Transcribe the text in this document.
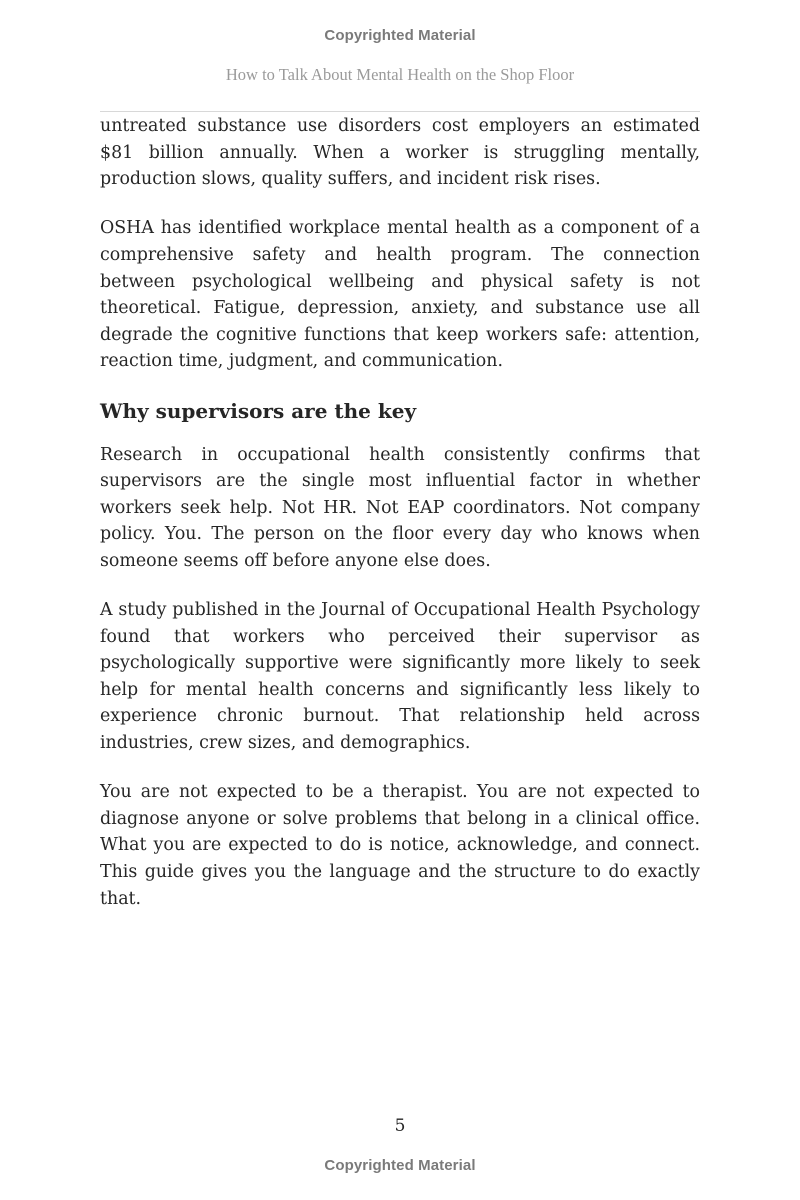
Copyrighted Material
How to Talk About Mental Health on the Shop Floor

untreated substance use disorders cost employers an estimated $81 billion annually. When a worker is struggling mentally, production slows, quality suffers, and incident risk rises.

OSHA has identified workplace mental health as a component of a comprehensive safety and health program. The connection between psychological wellbeing and physical safety is not theoretical. Fatigue, depression, anxiety, and substance use all degrade the cognitive functions that keep workers safe: attention, reaction time, judgment, and communication.

Why supervisors are the key

Research in occupational health consistently confirms that supervisors are the single most influential factor in whether workers seek help. Not HR. Not EAP coordinators. Not company policy. You. The person on the floor every day who knows when someone seems off before anyone else does.

A study published in the Journal of Occupational Health Psychology found that workers who perceived their supervisor as psychologically supportive were significantly more likely to seek help for mental health concerns and significantly less likely to experience chronic burnout. That relationship held across industries, crew sizes, and demographics.

You are not expected to be a therapist. You are not expected to diagnose anyone or solve problems that belong in a clinical office. What you are expected to do is notice, acknowledge, and connect. This guide gives you the language and the structure to do exactly that.

5
Copyrighted Material
